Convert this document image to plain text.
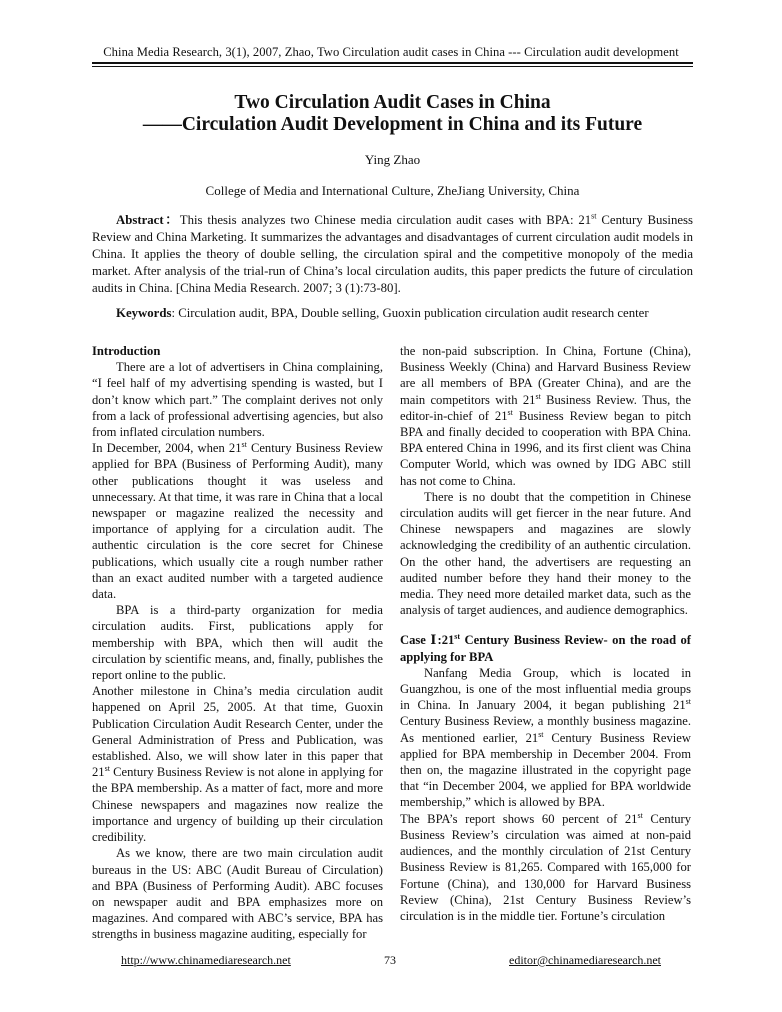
China Media Research, 3(1), 2007, Zhao, Two Circulation audit cases in China --- Circulation audit development
Two Circulation Audit Cases in China
——Circulation Audit Development in China and its Future
Ying Zhao
College of Media and International Culture, ZheJiang University, China
Abstract：This thesis analyzes two Chinese media circulation audit cases with BPA: 21st Century Business Review and China Marketing. It summarizes the advantages and disadvantages of current circulation audit models in China. It applies the theory of double selling, the circulation spiral and the competitive monopoly of the media market. After analysis of the trial-run of China’s local circulation audits, this paper predicts the future of circulation audits in China. [China Media Research. 2007; 3 (1):73-80].
Keywords: Circulation audit, BPA, Double selling, Guoxin publication circulation audit research center

Introduction

There are a lot of advertisers in China complaining, “I feel half of my advertising spending is wasted, but I don’t know which part.” The complaint derives not only from a lack of professional advertising agencies, but also from inflated circulation numbers.

In December, 2004, when 21st Century Business Review applied for BPA (Business of Performing Audit), many other publications thought it was useless and unnecessary. At that time, it was rare in China that a local newspaper or magazine realized the necessity and importance of applying for a circulation audit. The authentic circulation is the core secret for Chinese publications, which usually cite a rough number rather than an exact audited number with a targeted audience data.

BPA is a third-party organization for media circulation audits. First, publications apply for membership with BPA, which then will audit the circulation by scientific means, and, finally, publishes the report online to the public.

Another milestone in China’s media circulation audit happened on April 25, 2005. At that time, Guoxin Publication Circulation Audit Research Center, under the General Administration of Press and Publication, was established. Also, we will show later in this paper that 21st Century Business Review is not alone in applying for the BPA membership. As a matter of fact, more and more Chinese newspapers and magazines now realize the importance and urgency of building up their circulation credibility.

As we know, there are two main circulation audit bureaus in the US: ABC (Audit Bureau of Circulation) and BPA (Business of Performing Audit). ABC focuses on newspaper audit and BPA emphasizes more on magazines. And compared with ABC’s service, BPA has strengths in business magazine auditing, especially for

the non-paid subscription. In China, Fortune (China), Business Weekly (China) and Harvard Business Review are all members of BPA (Greater China), and are the main competitors with 21st Business Review. Thus, the editor-in-chief of 21st Business Review began to pitch BPA and finally decided to cooperation with BPA China. BPA entered China in 1996, and its first client was China Computer World, which was owned by IDG ABC still has not come to China.

There is no doubt that the competition in Chinese circulation audits will get fiercer in the near future. And Chinese newspapers and magazines are slowly acknowledging the credibility of an authentic circulation. On the other hand, the advertisers are requesting an audited number before they hand their money to the media. They need more detailed market data, such as the analysis of target audiences, and audience demographics.

Case Ⅰ:21st Century Business Review- on the road of applying for BPA

Nanfang Media Group, which is located in Guangzhou, is one of the most influential media groups in China. In January 2004, it began publishing 21st Century Business Review, a monthly business magazine. As mentioned earlier, 21st Century Business Review applied for BPA membership in December 2004. From then on, the magazine illustrated in the copyright page that “in December 2004, we applied for BPA worldwide membership,” which is allowed by BPA.

The BPA’s report shows 60 percent of 21st Century Business Review’s circulation was aimed at non-paid audiences, and the monthly circulation of 21st Century Business Review is 81,265. Compared with 165,000 for Fortune (China), and 130,000 for Harvard Business Review (China), 21st Century Business Review’s circulation is in the middle tier. Fortune’s circulation

http://www.chinamediaresearch.net	73	editor@chinamediaresearch.net
